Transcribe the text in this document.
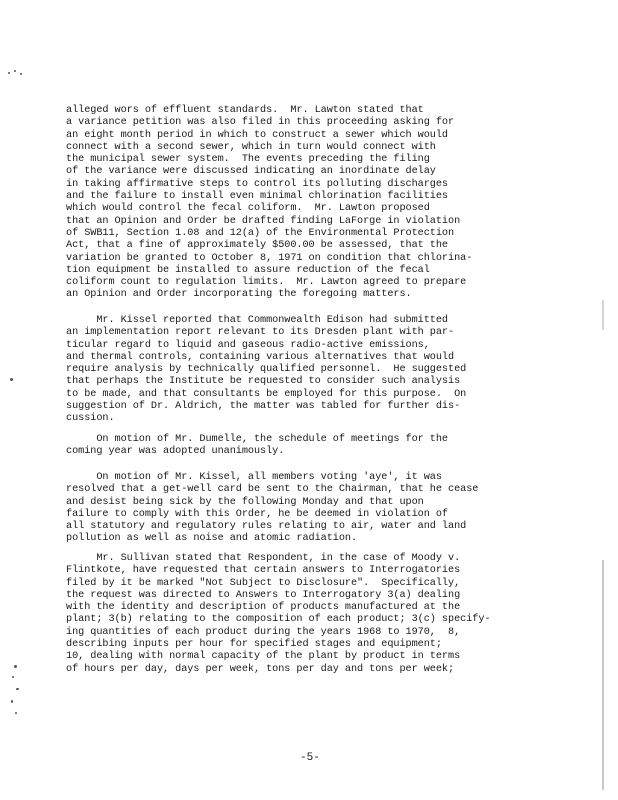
alleged wors of effluent standards.  Mr. Lawton stated that
a variance petition was also filed in this proceeding asking for
an eight month period in which to construct a sewer which would
connect with a second sewer, which in turn would connect with
the municipal sewer system.  The events preceding the filing
of the variance were discussed indicating an inordinate delay
in taking affirmative steps to control its polluting discharges
and the failure to install even minimal chlorination facilities
which would control the fecal coliform.  Mr. Lawton proposed
that an Opinion and Order be drafted finding LaForge in violation
of SWB11, Section 1.08 and 12(a) of the Environmental Protection
Act, that a fine of approximately $500.00 be assessed, that the
variation be granted to October 8, 1971 on condition that chlorina-
tion equipment be installed to assure reduction of the fecal
coliform count to regulation limits.  Mr. Lawton agreed to prepare
an Opinion and Order incorporating the foregoing matters.
Mr. Kissel reported that Commonwealth Edison had submitted
an implementation report relevant to its Dresden plant with par-
ticular regard to liquid and gaseous radio-active emissions,
and thermal controls, containing various alternatives that would
require analysis by technically qualified personnel.  He suggested
that perhaps the Institute be requested to consider such analysis
to be made, and that consultants be employed for this purpose.  On
suggestion of Dr. Aldrich, the matter was tabled for further dis-
cussion.
On motion of Mr. Dumelle, the schedule of meetings for the
coming year was adopted unanimously.
On motion of Mr. Kissel, all members voting 'aye', it was
resolved that a get-well card be sent to the Chairman, that he cease
and desist being sick by the following Monday and that upon
failure to comply with this Order, he be deemed in violation of
all statutory and regulatory rules relating to air, water and land
pollution as well as noise and atomic radiation.
Mr. Sullivan stated that Respondent, in the case of Moody v.
Flintkote, have requested that certain answers to Interrogatories
filed by it be marked "Not Subject to Disclosure".  Specifically,
the request was directed to Answers to Interrogatory 3(a) dealing
with the identity and description of products manufactured at the
plant; 3(b) relating to the composition of each product; 3(c) specify-
ing quantities of each product during the years 1968 to 1970,  8,
describing inputs per hour for specified stages and equipment;
10, dealing with normal capacity of the plant by product in terms
of hours per day, days per week, tons per day and tons per week;
-5-
